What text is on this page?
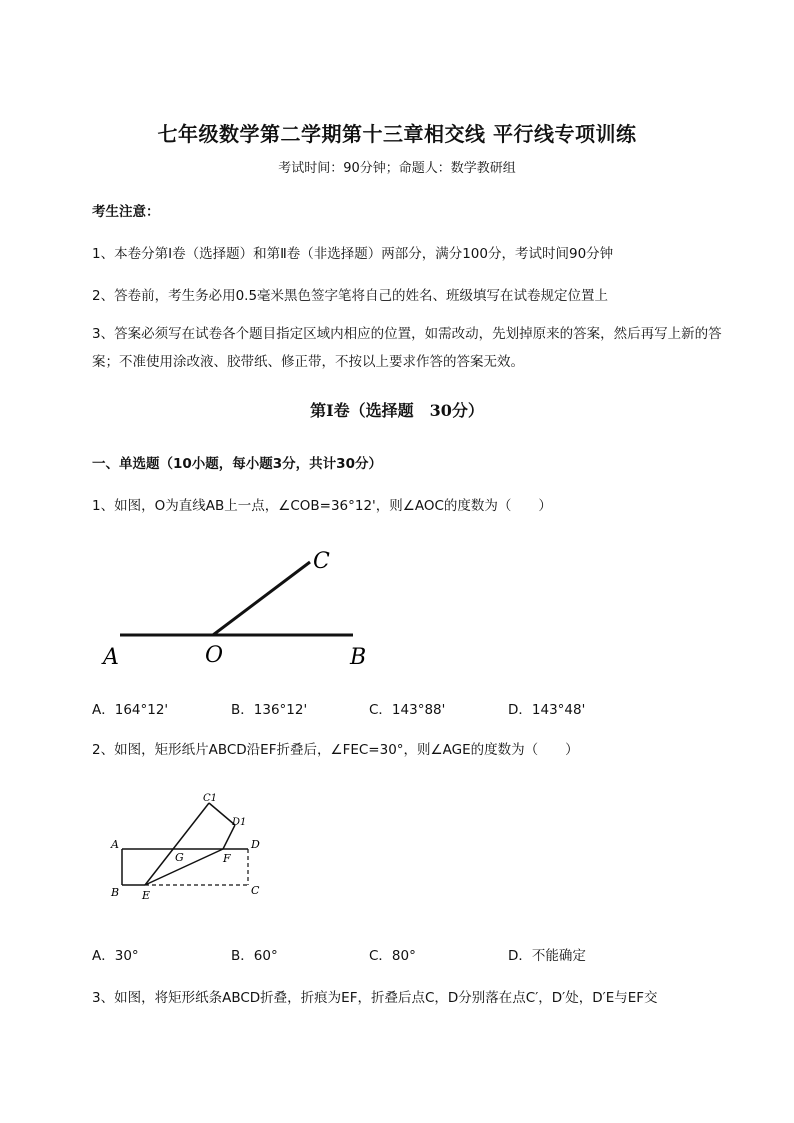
七年级数学第二学期第十三章相交线 平行线专项训练
考试时间：90分钟；命题人：数学教研组
考生注意：
1、本卷分第I卷（选择题）和第Ⅱ卷（非选择题）两部分，满分100分，考试时间90分钟
2、答卷前，考生务必用0.5毫米黑色签字笔将自己的姓名、班级填写在试卷规定位置上
3、答案必须写在试卷各个题目指定区域内相应的位置，如需改动，先划掉原来的答案，然后再写上新的答案；不准使用涂改液、胶带纸、修正带，不按以上要求作答的答案无效。
第I卷（选择题　30分）
一、单选题（10小题，每小题3分，共计30分）
1、如图，O为直线AB上一点，∠COB=36°12'，则∠AOC的度数为（　　）
A	O	B
C
A．164°12'	B．136°12'	C．143°88'	D．143°48'
2、如图，矩形纸片ABCD沿EF折叠后，∠FEC=30°，则∠AGE的度数为（　　）
A
B E
G	F
D
C
C1
D1
A．30°	B．60°	C．80°	D．不能确定
3、如图，将矩形纸条ABCD折叠，折痕为EF，折叠后点C，D分别落在点C′，D′处，D′E与EF交
